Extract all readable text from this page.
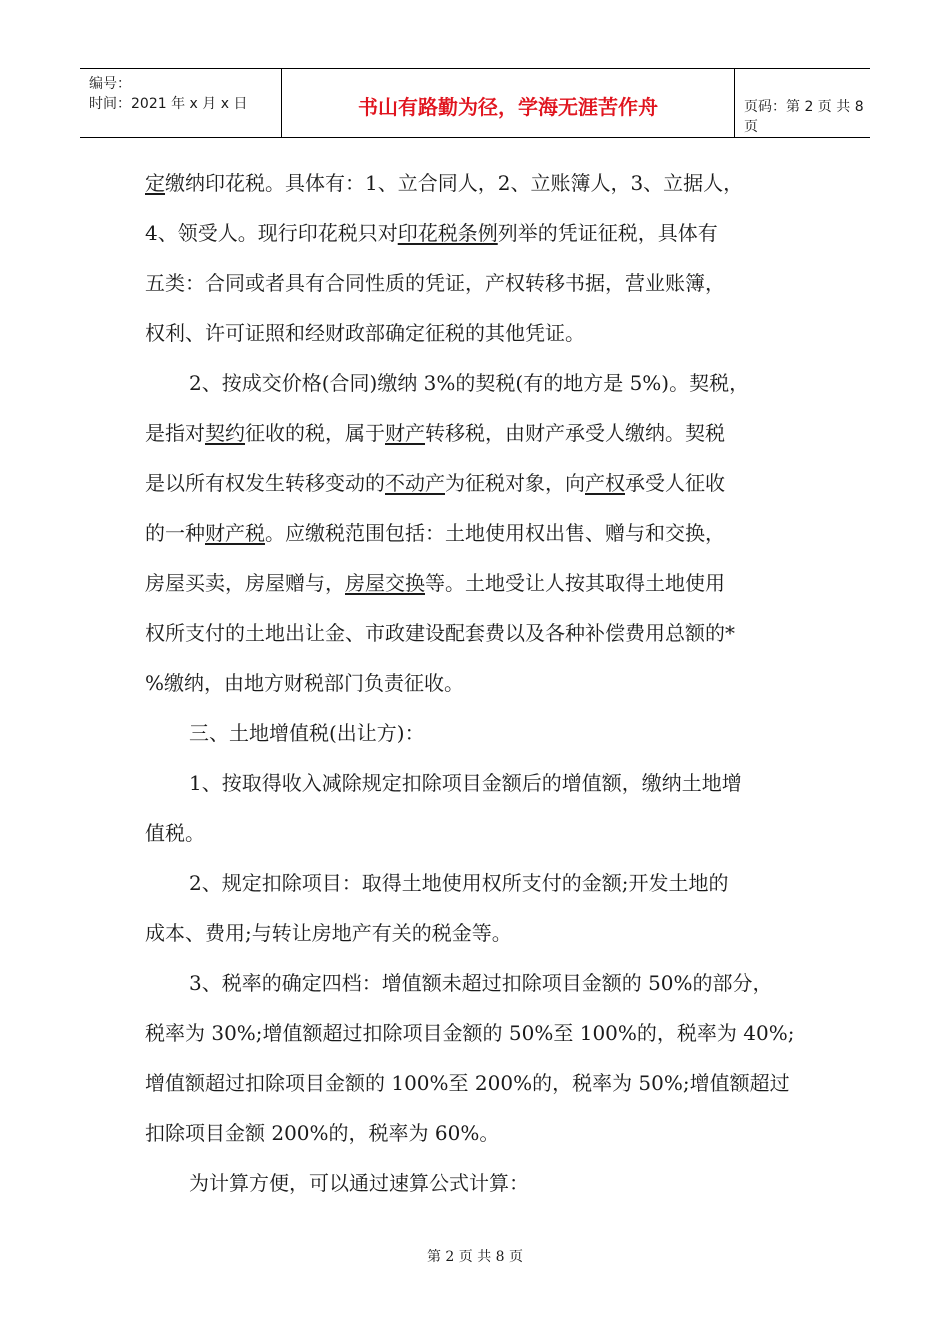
编号：
时间：2021 年 x 月 x 日	书山有路勤为径，学海无涯苦作舟	页码：第 2 页 共 8 页

定缴纳印花税。具体有：1、立合同人，2、立账簿人，3、立据人，
4、领受人。现行印花税只对印花税条例列举的凭证征税，具体有
五类：合同或者具有合同性质的凭证，产权转移书据，营业账簿，
权利、许可证照和经财政部确定征税的其他凭证。

2、按成交价格(合同)缴纳 3%的契税(有的地方是 5%)。契税，
是指对契约征收的税，属于财产转移税，由财产承受人缴纳。契税
是以所有权发生转移变动的不动产为征税对象，向产权承受人征收
的一种财产税。应缴税范围包括：土地使用权出售、赠与和交换，
房屋买卖，房屋赠与，房屋交换等。土地受让人按其取得土地使用
权所支付的土地出让金、市政建设配套费以及各种补偿费用总额的*
%缴纳，由地方财税部门负责征收。

三、土地增值税(出让方)：

1、按取得收入减除规定扣除项目金额后的增值额，缴纳土地增
值税。

2、规定扣除项目：取得土地使用权所支付的金额;开发土地的
成本、费用;与转让房地产有关的税金等。

3、税率的确定四档：增值额未超过扣除项目金额的 50%的部分，
税率为 30%;增值额超过扣除项目金额的 50%至 100%的，税率为 40%;
增值额超过扣除项目金额的 100%至 200%的，税率为 50%;增值额超过
扣除项目金额 200%的，税率为 60%。

为计算方便，可以通过速算公式计算：

第 2 页 共 8 页
